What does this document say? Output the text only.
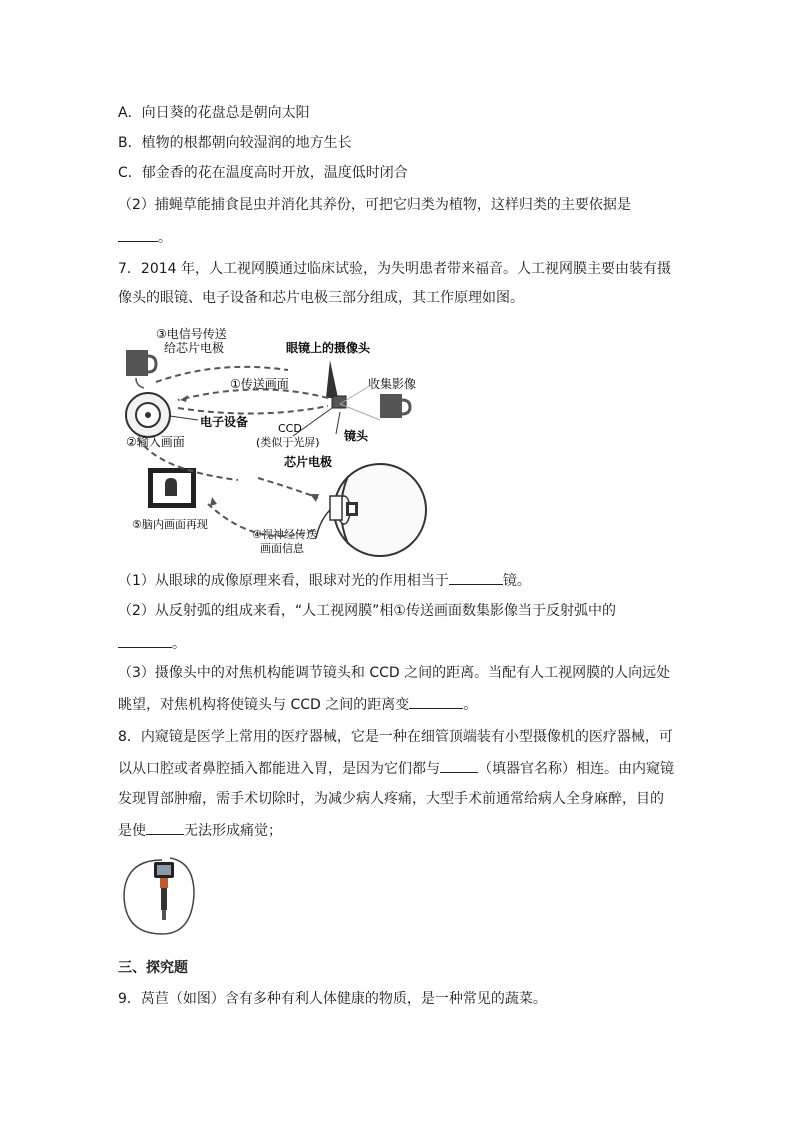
A．向日葵的花盘总是朝向太阳
B．植物的根都朝向较湿润的地方生长
C．郁金香的花在温度高时开放，温度低时闭合
（2）捕蝇草能捕食昆虫并消化其养份，可把它归类为植物，这样归类的主要依据是
。
7．2014 年，人工视网膜通过临床试验，为失明患者带来福音。人工视网膜主要由装有摄
像头的眼镜、电子设备和芯片电极三部分组成，其工作原理如图。
③电信号传送
给芯片电极	眼镜上的摄像头
①传送画面	收集影像
电子设备
②输入画面
CCD
(类似于光屏) 镜头
芯片电极
⑤脑内画面再现
④视神经传送
画面信息
（1）从眼球的成像原理来看，眼球对光的作用相当于	镜。
（2）从反射弧的组成来看，“人工视网膜”相①传送画面数集影像当于反射弧中的
。
（3）摄像头中的对焦机构能调节镜头和 CCD 之间的距离。当配有人工视网膜的人向远处
眺望，对焦机构将使镜头与 CCD 之间的距离变	。
8．内窥镜是医学上常用的医疗器械，它是一种在细管顶端装有小型摄像机的医疗器械，可
以从口腔或者鼻腔插入都能进入胃，是因为它们都与	（填器官名称）相连。由内窥镜
发现胃部肿瘤，需手术切除时，为减少病人疼痛，大型手术前通常给病人全身麻醉，目的
是使	无法形成痛觉；
三、探究题
9．莴苣（如图）含有多种有利人体健康的物质，是一种常见的蔬菜。
